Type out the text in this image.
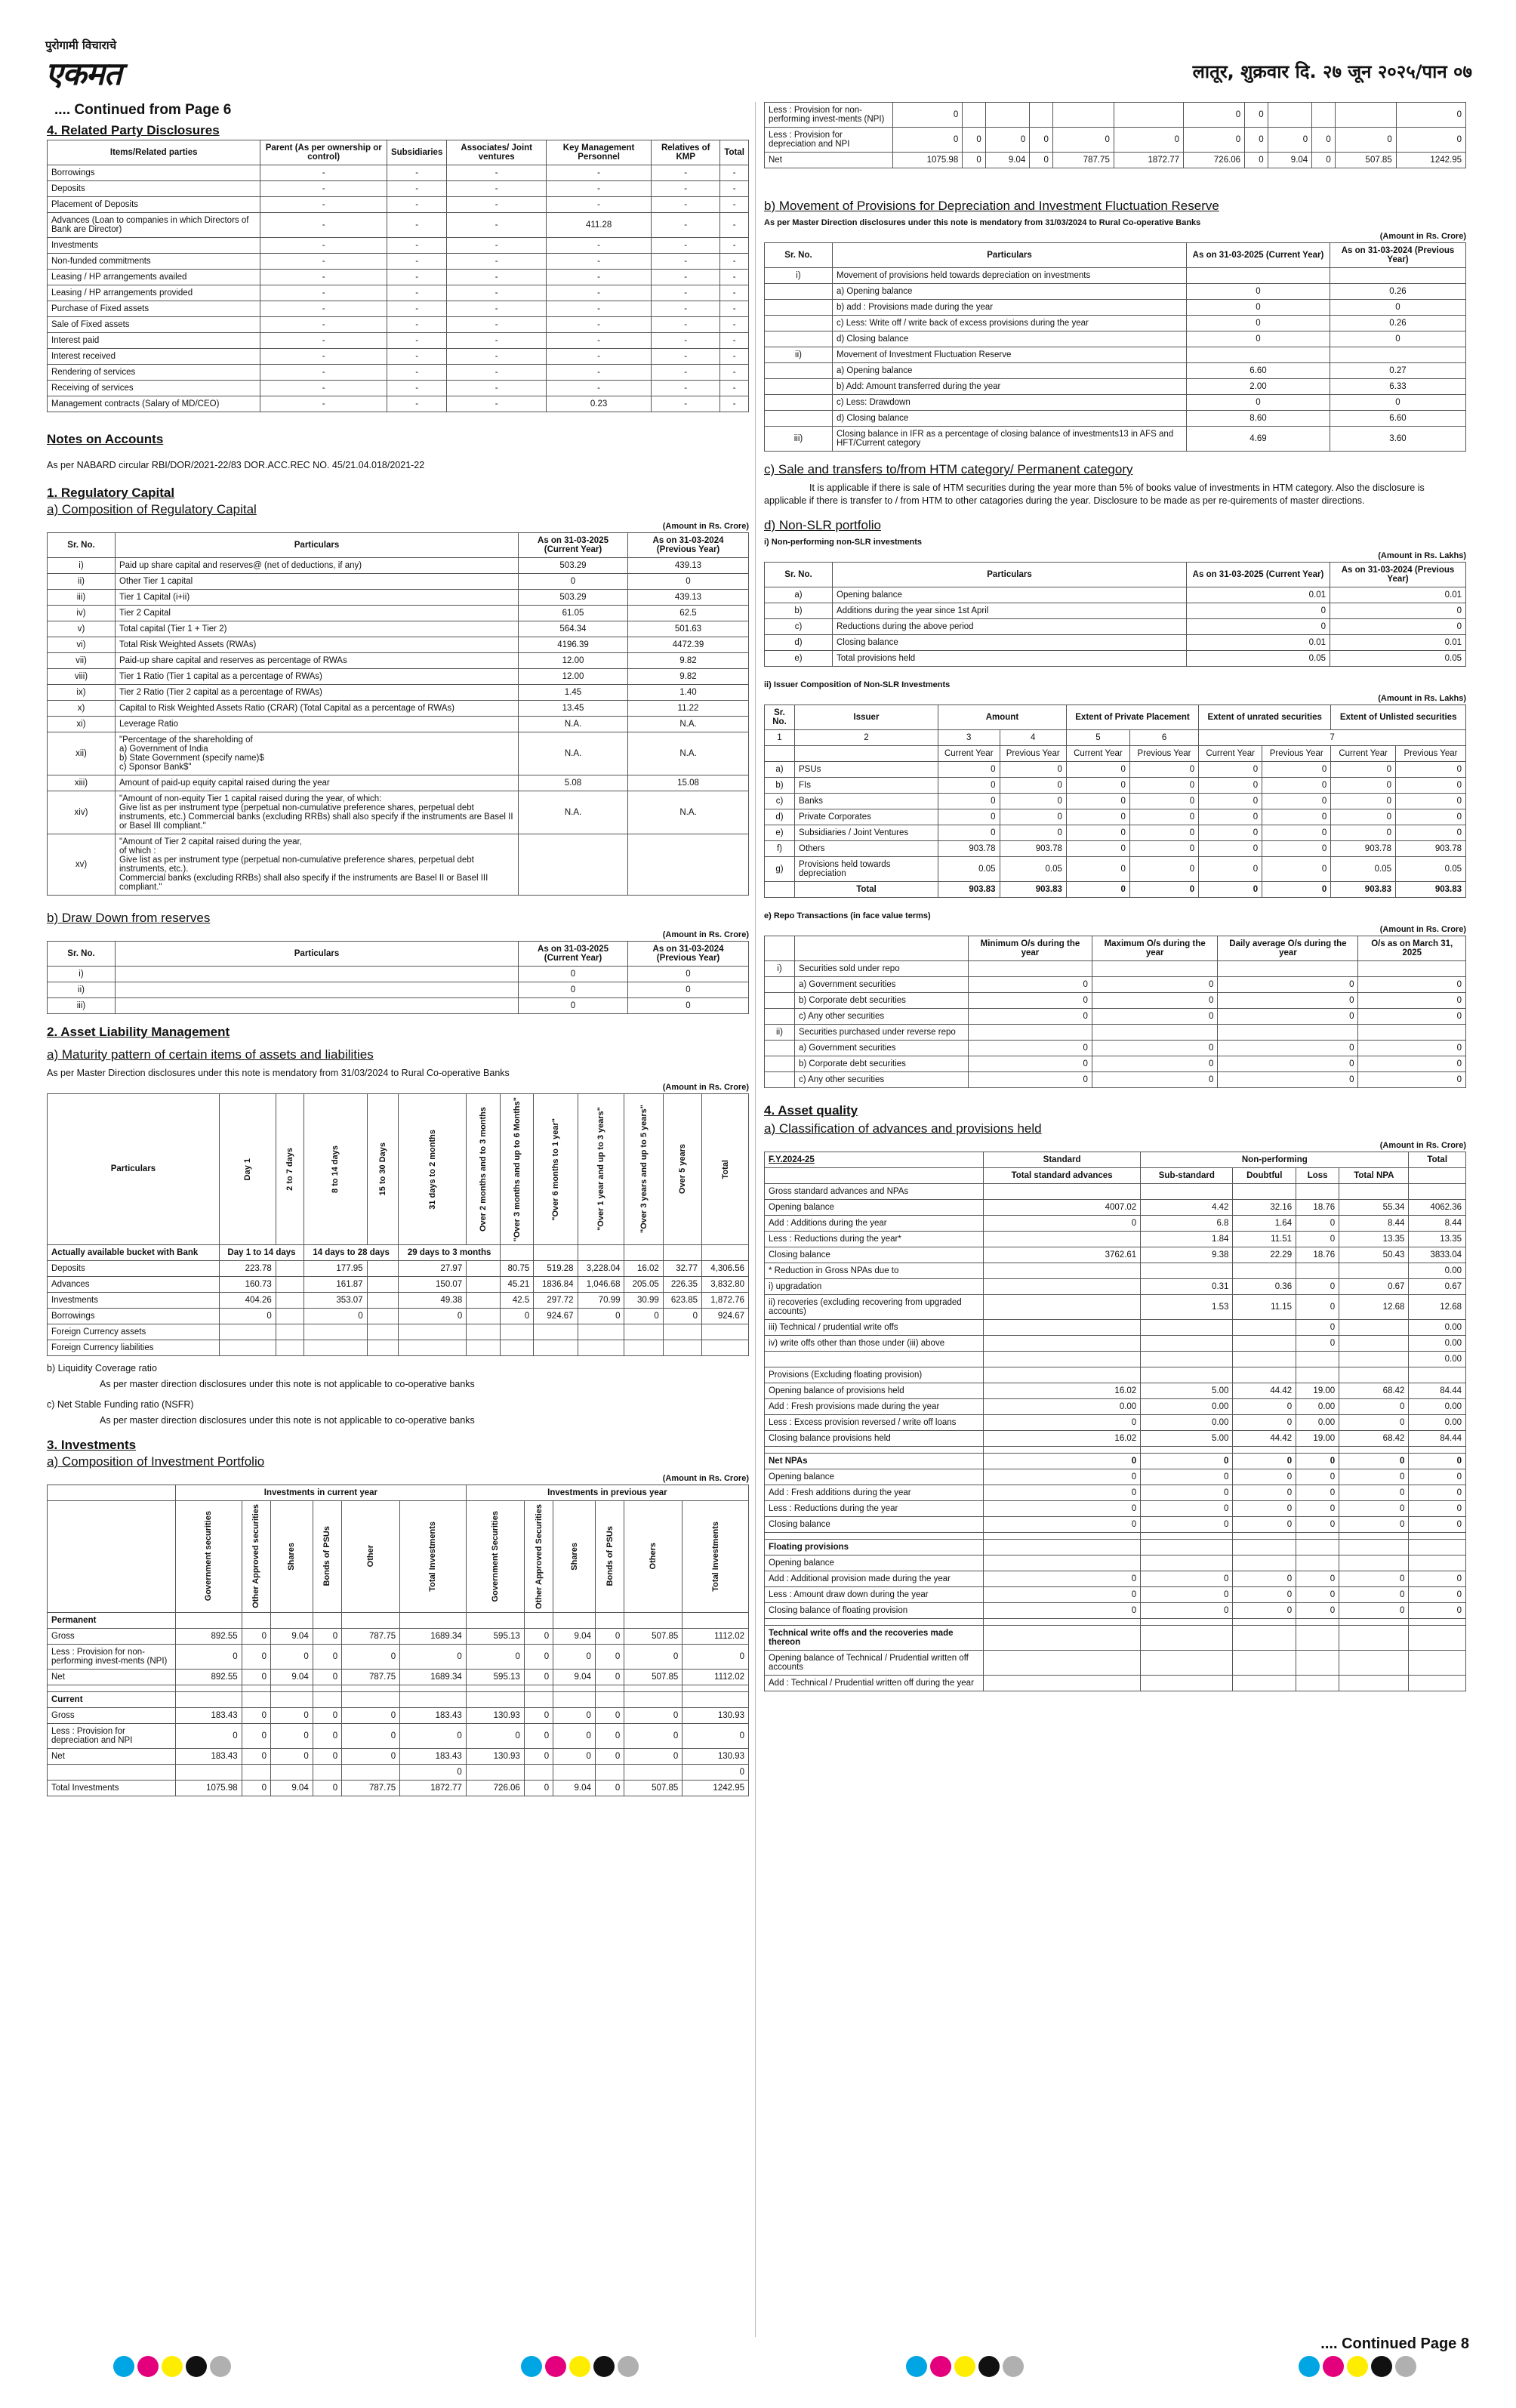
पुरोगामी विचाराचे
एकमत	लातूर, शुक्रवार दि. २७ जून २०२५/पान ०७
.... Continued from Page 6
4. Related Party Disclosures
Items/Related parties	Parent (As per ownership or control)	Subsidiaries	Associates/ Joint ventures	Key Management Personnel	Relatives of KMP	Total
Borrowings	-	-	-	-	-	-
Deposits	-	-	-	-	-	-
Placement of Deposits	-	-	-	-	-	-
Advances (Loan to companies in which Directors of Bank are Director)	-	-	-	411.28	-	-
Investments	-	-	-	-	-	-
Non-funded commitments	-	-	-	-	-	-
Leasing / HP arrangements availed	-	-	-	-	-	-
Leasing / HP arrangements provided	-	-	-	-	-	-
Purchase of Fixed assets	-	-	-	-	-	-
Sale of Fixed assets	-	-	-	-	-	-
Interest paid	-	-	-	-	-	-
Interest received	-	-	-	-	-	-
Rendering of services	-	-	-	-	-	-
Receiving of services	-	-	-	-	-	-
Management contracts (Salary of MD/CEO)	-	-	-	0.23	-	-
Notes on Accounts
As per NABARD circular RBI/DOR/2021-22/83 DOR.ACC.REC NO. 45/21.04.018/2021-22
1. Regulatory Capital
a) Composition of Regulatory Capital
(Amount in Rs. Crore)
Sr. No.	Particulars	As on 31-03-2025 (Current Year)	As on 31-03-2024 (Previous Year)
i)	Paid up share capital and reserves@ (net of deductions, if any)	503.29	439.13
ii)	Other Tier 1 capital	0	0
iii)	Tier 1 Capital (i+ii)	503.29	439.13
iv)	Tier 2 Capital	61.05	62.5
v)	Total capital (Tier 1 + Tier 2)	564.34	501.63
vi)	Total Risk Weighted Assets (RWAs)	4196.39	4472.39
vii)	Paid-up share capital and reserves as percentage of RWAs	12.00	9.82
viii)	Tier 1 Ratio (Tier 1 capital as a percentage of RWAs)	12.00	9.82
ix)	Tier 2 Ratio (Tier 2 capital as a percentage of RWAs)	1.45	1.40
x)	Capital to Risk Weighted Assets Ratio (CRAR) (Total Capital as a percentage of RWAs)	13.45	11.22
xi)	Leverage Ratio	N.A.	N.A.
xii)	"Percentage of the shareholding of
a) Government of India
b) State Government (specify name)$
c) Sponsor Bank$"	N.A.	N.A.
xiii)	Amount of paid-up equity capital raised during the year	5.08	15.08
xiv)	"Amount of non-equity Tier 1 capital raised during the year, of which:
Give list as per instrument type (perpetual non-cumulative preference shares, perpetual debt instruments, etc.) Commercial banks (excluding RRBs) shall also specify if the instruments are Basel II or Basel III compliant."	N.A.	N.A.
xv)	"Amount of Tier 2 capital raised during the year,
of which :
Give list as per instrument type (perpetual non-cumulative preference shares, perpetual debt instruments, etc.).
Commercial banks (excluding RRBs) shall also specify if the instruments are Basel II or Basel III compliant."		
b) Draw Down from reserves
(Amount in Rs. Crore)
Sr. No.	Particulars	As on 31-03-2025 (Current Year)	As on 31-03-2024 (Previous Year)
i)		0	0
ii)		0	0
iii)		0	0
2. Asset Liability Management
a) Maturity pattern of certain items of assets and liabilities
As per Master Direction disclosures under this note is mendatory from 31/03/2024 to Rural Co-operative Banks
(Amount in Rs. Crore)
Particulars	Day 1	2 to 7 days	8 to 14 days	15 to 30 Days	31 days to 2 months	Over 2 months and to 3 months	"Over 3 months and up to 6 Months"	"Over 6 months to 1 year"	"Over 1 year and up to 3 years"	"Over 3 years and up to 5 years"	Over 5 years	Total

Actually available bucket with Bank	Day 1 to 14 days		14 days to 28 days		29 days to 3 months							
Deposits	223.78		177.95		27.97		80.75	519.28	3,228.04	16.02	32.77	4,306.56
Advances	160.73		161.87		150.07		45.21	1836.84	1,046.68	205.05	226.35	3,832.80
Investments	404.26		353.07		49.38		42.5	297.72	70.99	30.99	623.85	1,872.76
Borrowings	0		0		0		0	924.67	0	0	0	924.67
Foreign Currency assets												
Foreign Currency liabilities												
b) Liquidity Coverage ratio
As per master direction disclosures under this note is not applicable to co-operative banks
c) Net Stable Funding ratio (NSFR)
As per master direction disclosures under this note is not applicable to co-operative banks
3. Investments
a) Composition of Investment Portfolio
(Amount in Rs. Crore)
	Investments in current year						Investments in previous year					

	Government securities	Other Approved securities	Shares	Bonds of PSUs	Other	Total Investments	Government Securities	Other Approved Securities	Shares	Bonds of PSUs	Others	Total Investments

Permanent												
Gross	892.55	0	9.04	0	787.75	1689.34	595.13	0	9.04	0	507.85	1112.02
Less : Provision for non-performing invest-ments (NPI)	0	0	0	0	0	0	0	0	0	0	0	0
Net	892.55	0	9.04	0	787.75	1689.34	595.13	0	9.04	0	507.85	1112.02

Current												
Gross	183.43	0	0	0	0	183.43	130.93	0	0	0	0	130.93
Less : Provision for depreciation and NPI	0	0	0	0	0	0	0	0	0	0	0	0
Net	183.43	0	0	0	0	183.43	130.93	0	0	0	0	130.93
						0						0
Total Investments	1075.98	0	9.04	0	787.75	1872.77	726.06	0	9.04	0	507.85	1242.95
Less : Provision for non-performing invest-ments (NPI)	0						0	0				0
Less : Provision for depreciation and NPI	0	0	0	0	0	0	0	0	0	0	0	0
Net	1075.98	0	9.04	0	787.75	1872.77	726.06	0	9.04	0	507.85	1242.95
b) Movement of Provisions for Depreciation and Investment Fluctuation Reserve
As per Master Direction disclosures under this note is mendatory from 31/03/2024 to Rural Co-operative Banks
(Amount in Rs. Crore)
Sr. No.	Particulars	As on 31-03-2025 (Current Year)	As on 31-03-2024 (Previous Year)
i)	Movement of provisions held towards depreciation on investments		
	a) Opening balance	0	0.26
	b) add : Provisions made during the year	0	0
	c) Less: Write off / write back of excess provisions during the year	0	0.26
	d) Closing balance	0	0
ii)	Movement of Investment Fluctuation Reserve		
	a) Opening balance	6.60	0.27
	b) Add: Amount transferred during the year	2.00	6.33
	c) Less: Drawdown	0	0
	d) Closing balance	8.60	6.60
iii)	Closing balance in IFR as a percentage of closing balance of investments13 in AFS and HFT/Current category	4.69	3.60
c) Sale and transfers to/from HTM category/ Permanent category
It is applicable if there is sale of HTM securities during the year more than 5% of books value of investments in HTM category. Also the disclosure is applicable if there is transfer to / from HTM to other catagories during the year. Disclosure to be made as per re-quirements of master directions.
d) Non-SLR portfolio
i) Non-performing non-SLR investments
(Amount in Rs. Lakhs)
Sr. No.	Particulars	As on 31-03-2025 (Current Year)	As on 31-03-2024 (Previous Year)
a)	Opening balance	0.01	0.01
b)	Additions during the year since 1st April	0	0
c)	Reductions during the above period	0	0
d)	Closing balance	0.01	0.01
e)	Total provisions held	0.05	0.05
ii) Issuer Composition of Non-SLR Investments
(Amount in Rs. Lakhs)
Sr. No.	Issuer	Amount		Extent of Private Placement		Extent of unrated securities		Extent of Unlisted securities	
1	2	3	4	5	6	7			
		Current Year	Previous Year	Current Year	Previous Year	Current Year	Previous Year	Current Year	Previous Year
a)	PSUs	0	0	0	0	0	0	0	0
b)	FIs	0	0	0	0	0	0	0	0
c)	Banks	0	0	0	0	0	0	0	0
d)	Private Corporates	0	0	0	0	0	0	0	0
e)	Subsidiaries / Joint Ventures	0	0	0	0	0	0	0	0
f)	Others	903.78	903.78	0	0	0	0	903.78	903.78
g)	Provisions held towards depreciation	0.05	0.05	0	0	0	0	0.05	0.05
	Total	903.83	903.83	0	0	0	0	903.83	903.83
e) Repo Transactions (in face value terms)
(Amount in Rs. Crore)
		Minimum O/s during the year	Maximum O/s during the year	Daily average O/s during the year	O/s as on March 31, 2025
i)	Securities sold under repo				
	a) Government securities	0	0	0	0
	b) Corporate debt securities	0	0	0	0
	c) Any other securities	0	0	0	0
ii)	Securities purchased under reverse repo				
	a) Government securities	0	0	0	0
	b) Corporate debt securities	0	0	0	0
	c) Any other securities	0	0	0	0
4. Asset quality
a) Classification of advances and provisions held
(Amount in Rs. Crore)
F.Y.2024-25	Standard	Non-performing				Total
	Total standard advances	Sub-standard	Doubtful	Loss	Total NPA	
Gross standard advances and NPAs						
Opening balance	4007.02	4.42	32.16	18.76	55.34	4062.36
Add : Additions during the year	0	6.8	1.64	0	8.44	8.44
Less : Reductions during the year*		1.84	11.51	0	13.35	13.35
Closing balance	3762.61	9.38	22.29	18.76	50.43	3833.04
* Reduction in Gross NPAs due to						0.00
i) upgradation		0.31	0.36	0	0.67	0.67
ii) recoveries (excluding recovering from upgraded accounts)		1.53	11.15	0	12.68	12.68
iii) Technical / prudential write offs				0		0.00
iv) write offs other than those under (iii) above				0		0.00
						0.00
Provisions (Excluding floating provision)						
Opening balance of provisions held	16.02	5.00	44.42	19.00	68.42	84.44
Add : Fresh provisions made during the year	0.00	0.00	0	0.00	0	0.00
Less : Excess provision reversed / write off loans	0	0.00	0	0.00	0	0.00
Closing balance provisions held	16.02	5.00	44.42	19.00	68.42	84.44

Net NPAs	0	0	0	0	0	0
Opening balance	0	0	0	0	0	0
Add : Fresh additions during the year	0	0	0	0	0	0
Less : Reductions during the year	0	0	0	0	0	0
Closing balance	0	0	0	0	0	0

Floating provisions						
Opening balance						
Add : Additional provision made during the year	0	0	0	0	0	0
Less : Amount draw down during the year	0	0	0	0	0	0
Closing balance of floating provision	0	0	0	0	0	0

Technical write offs and the recoveries made thereon						
Opening balance of Technical / Prudential written off accounts						
Add : Technical / Prudential written off during the year						
.... Continued Page 8
